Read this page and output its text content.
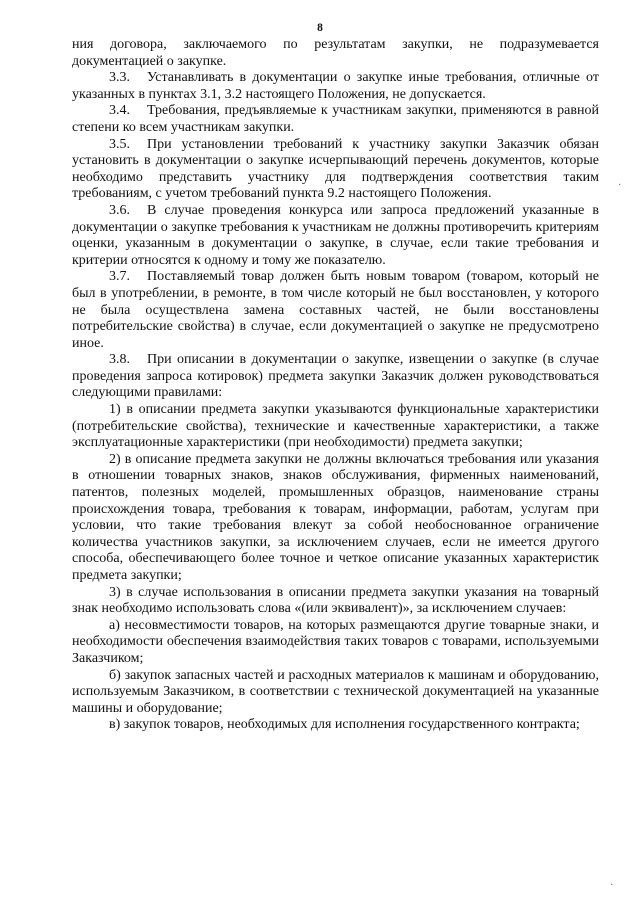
8

ния договора, заключаемого по результатам закупки, не подразумевается документацией о закупке.

3.3. Устанавливать в документации о закупке иные требования, отличные от указанных в пунктах 3.1, 3.2 настоящего Положения, не допускается.

3.4. Требования, предъявляемые к участникам закупки, применяются в равной степени ко всем участникам закупки.

3.5. При установлении требований к участнику закупки Заказчик обязан установить в документации о закупке исчерпывающий перечень документов, которые необходимо представить участнику для подтверждения соответствия таким требованиям, с учетом требований пункта 9.2 настоящего Положения.

3.6. В случае проведения конкурса или запроса предложений указанные в документации о закупке требования к участникам не должны противоречить критериям оценки, указанным в документации о закупке, в случае, если такие требования и критерии относятся к одному и тому же показателю.

3.7. Поставляемый товар должен быть новым товаром (товаром, который не был в употреблении, в ремонте, в том числе который не был восстановлен, у которого не была осуществлена замена составных частей, не были восстановлены потребительские свойства) в случае, если документацией о закупке не предусмотрено иное.

3.8. При описании в документации о закупке, извещении о закупке (в случае проведения запроса котировок) предмета закупки Заказчик должен руководствоваться следующими правилами:

1) в описании предмета закупки указываются функциональные характеристики (потребительские свойства), технические и качественные характеристики, а также эксплуатационные характеристики (при необходимости) предмета закупки;

2) в описание предмета закупки не должны включаться требования или указания в отношении товарных знаков, знаков обслуживания, фирменных наименований, патентов, полезных моделей, промышленных образцов, наименование страны происхождения товара, требования к товарам, информации, работам, услугам при условии, что такие требования влекут за собой необоснованное ограничение количества участников закупки, за исключением случаев, если не имеется другого способа, обеспечивающего более точное и четкое описание указанных характеристик предмета закупки;

3) в случае использования в описании предмета закупки указания на товарный знак необходимо использовать слова «(или эквивалент)», за исключением случаев:

а) несовместимости товаров, на которых размещаются другие товарные знаки, и необходимости обеспечения взаимодействия таких товаров с товарами, используемыми Заказчиком;

б) закупок запасных частей и расходных материалов к машинам и оборудованию, используемым Заказчиком, в соответствии с технической документацией на указанные машины и оборудование;

в) закупок товаров, необходимых для исполнения государственного контракта;

·
·
